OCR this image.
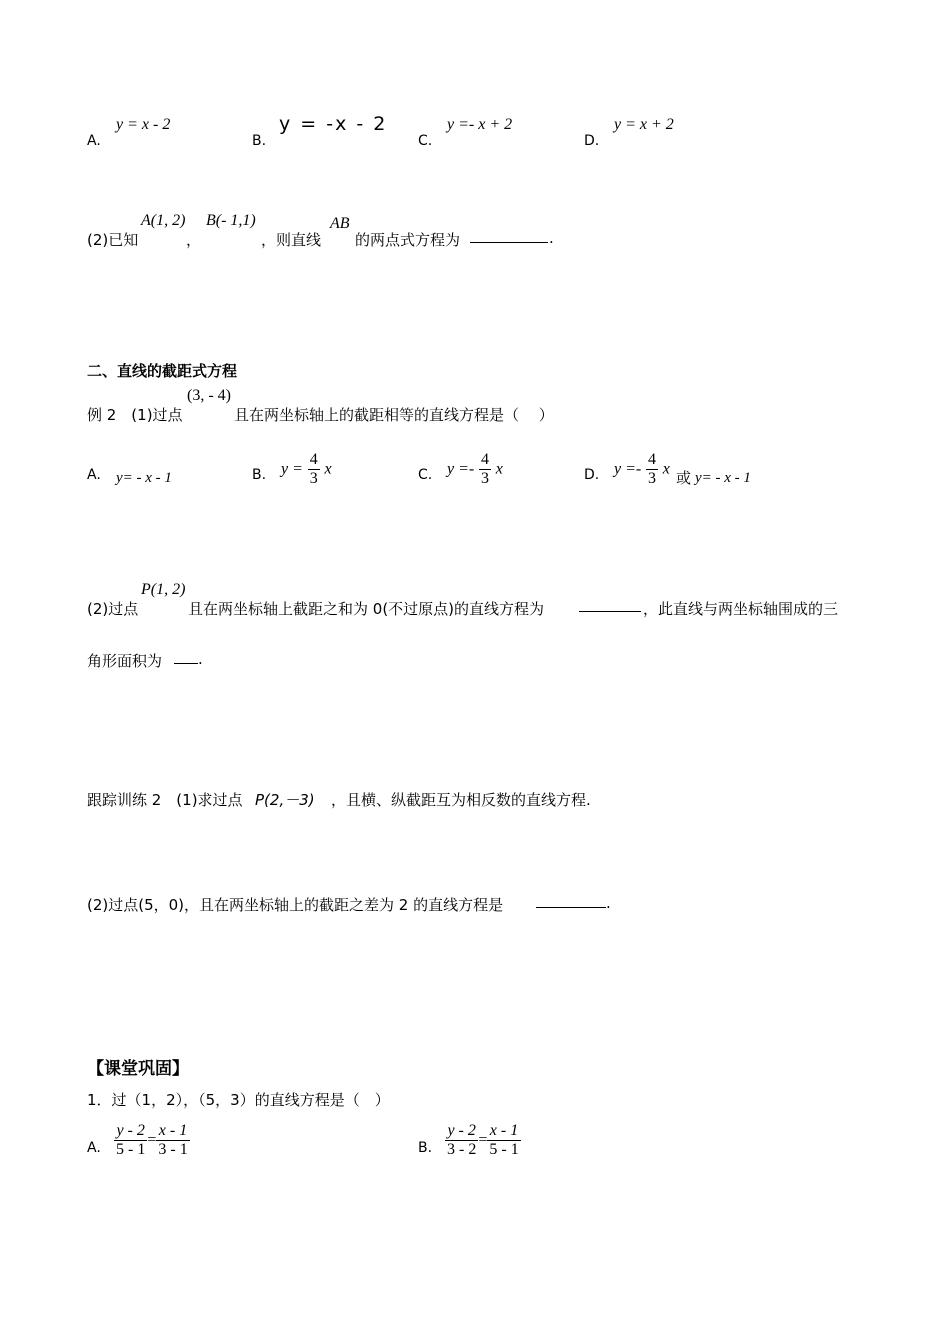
A.
y = x - 2
B.
y = -x - 2
C.
y =- x + 2
D.
y = x + 2
(2)已知
A(1, 2)
，
B(- 1,1)
，则直线
AB
的两点式方程为	.
二、直线的截距式方程
例 2　(1)过点
(3, - 4)
且在两坐标轴上的截距相等的直线方程是（　 ）
A. y= - x - 1	B. $y = \frac{4}{3}$ x	C. $y =- \frac{4}{3}$ x	D. $y =- \frac{4}{3}$ x 或 y= - x - 1
(2)过点
P(1, 2)
且在两坐标轴上截距之和为 0(不过原点)的直线方程为	，此直线与两坐标轴围成的三
角形面积为 .
跟踪训练 2　(1)求过点 P(2,－3) ，且横、纵截距互为相反数的直线方程.
(2)过点(5，0)，且在两坐标轴上的截距之差为 2 的直线方程是	.
【课堂巩固】
1．过（1，2），（5，3）的直线方程是（　）
A. $\frac{y - 2}{5 - 1} = \frac{x - 1}{3 - 1}$	B. $\frac{y - 2}{3 - 2} = \frac{x - 1}{5 - 1}$
